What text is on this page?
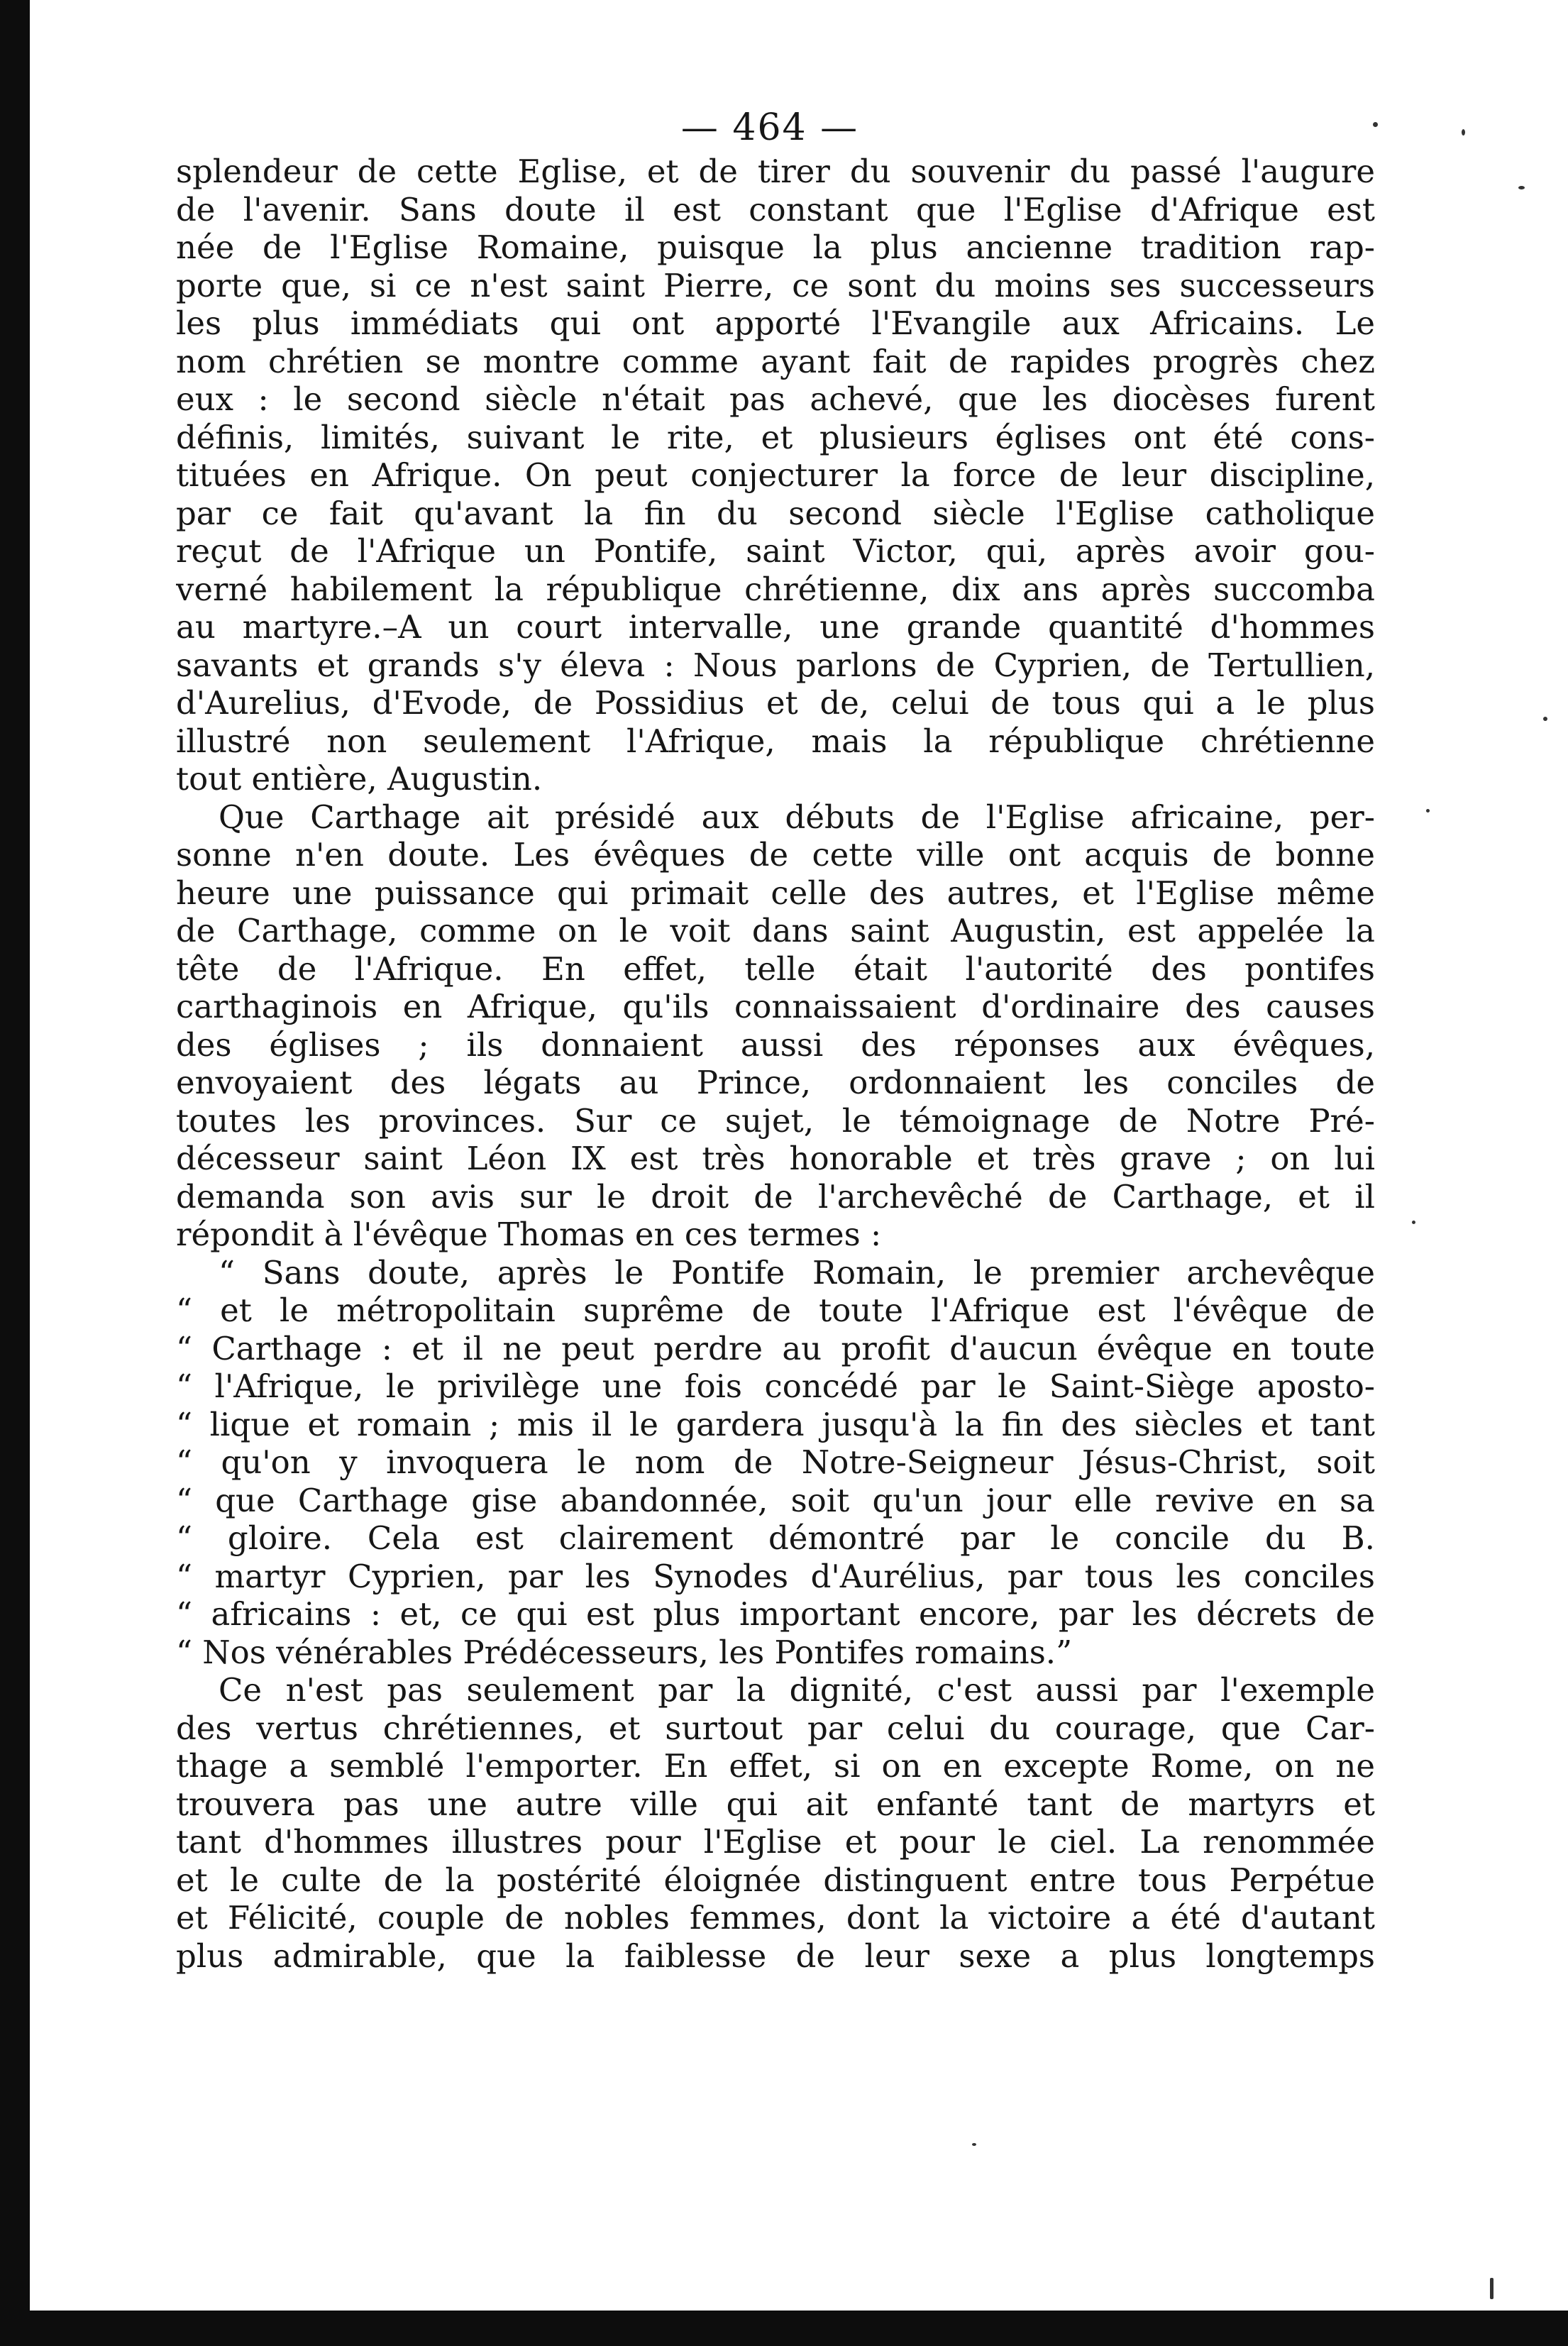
— 464 —
splendeur de cette Eglise, et de tirer du souvenir du passé l'augure
de l'avenir. Sans doute il est constant que l'Eglise d'Afrique est
née de l'Eglise Romaine, puisque la plus ancienne tradition rap-
porte que, si ce n'est saint Pierre, ce sont du moins ses successeurs
les plus immédiats qui ont apporté l'Evangile aux Africains. Le
nom chrétien se montre comme ayant fait de rapides progrès chez
eux : le second siècle n'était pas achevé, que les diocèses furent
définis, limités, suivant le rite, et plusieurs églises ont été cons-
tituées en Afrique. On peut conjecturer la force de leur discipline,
par ce fait qu'avant la fin du second siècle l'Eglise catholique
reçut de l'Afrique un Pontife, saint Victor, qui, après avoir gou-
verné habilement la république chrétienne, dix ans après succomba
au martyre.–A un court intervalle, une grande quantité d'hommes
savants et grands s'y éleva : Nous parlons de Cyprien, de Tertullien,
d'Aurelius, d'Evode, de Possidius et de, celui de tous qui a le plus
illustré non seulement l'Afrique, mais la république chrétienne
tout entière, Augustin.
Que Carthage ait présidé aux débuts de l'Eglise africaine, per-
sonne n'en doute. Les évêques de cette ville ont acquis de bonne
heure une puissance qui primait celle des autres, et l'Eglise même
de Carthage, comme on le voit dans saint Augustin, est appelée la
tête de l'Afrique. En effet, telle était l'autorité des pontifes
carthaginois en Afrique, qu'ils connaissaient d'ordinaire des causes
des églises ; ils donnaient aussi des réponses aux évêques,
envoyaient des légats au Prince, ordonnaient les conciles de
toutes les provinces. Sur ce sujet, le témoignage de Notre Pré-
décesseur saint Léon IX est très honorable et très grave ; on lui
demanda son avis sur le droit de l'archevêché de Carthage, et il
répondit à l'évêque Thomas en ces termes :
“ Sans doute, après le Pontife Romain, le premier archevêque
“ et le métropolitain suprême de toute l'Afrique est l'évêque de
“ Carthage : et il ne peut perdre au profit d'aucun évêque en toute
“ l'Afrique, le privilège une fois concédé par le Saint-Siège aposto-
“ lique et romain ; mis il le gardera jusqu'à la fin des siècles et tant
“ qu'on y invoquera le nom de Notre-Seigneur Jésus-Christ, soit
“ que Carthage gise abandonnée, soit qu'un jour elle revive en sa
“ gloire. Cela est clairement démontré par le concile du B.
“ martyr Cyprien, par les Synodes d'Aurélius, par tous les conciles
“ africains : et, ce qui est plus important encore, par les décrets de
“ Nos vénérables Prédécesseurs, les Pontifes romains.”
Ce n'est pas seulement par la dignité, c'est aussi par l'exemple
des vertus chrétiennes, et surtout par celui du courage, que Car-
thage a semblé l'emporter. En effet, si on en excepte Rome, on ne
trouvera pas une autre ville qui ait enfanté tant de martyrs et
tant d'hommes illustres pour l'Eglise et pour le ciel. La renommée
et le culte de la postérité éloignée distinguent entre tous Perpétue
et Félicité, couple de nobles femmes, dont la victoire a été d'autant
plus admirable, que la faiblesse de leur sexe a plus longtemps
